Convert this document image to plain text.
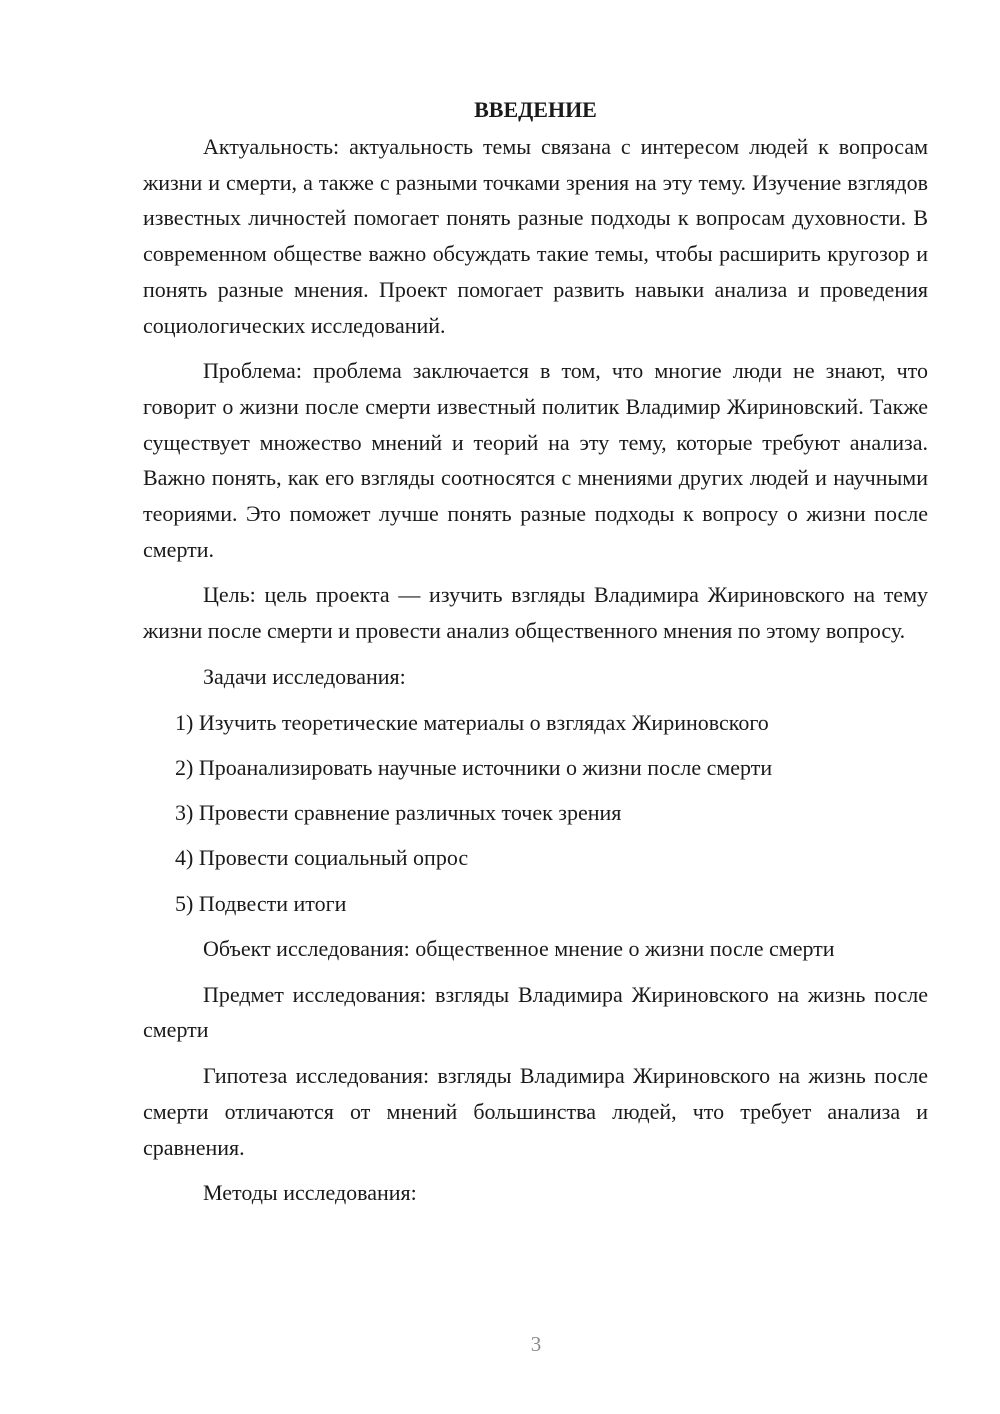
ВВЕДЕНИЕ

Актуальность: актуальность темы связана с интересом людей к вопросам жизни и смерти, а также с разными точками зрения на эту тему. Изучение взглядов известных личностей помогает понять разные подходы к вопросам духовности. В современном обществе важно обсуждать такие темы, чтобы расширить кругозор и понять разные мнения. Проект помогает развить навыки анализа и проведения социологических исследований.

Проблема: проблема заключается в том, что многие люди не знают, что говорит о жизни после смерти известный политик Владимир Жириновский. Также существует множество мнений и теорий на эту тему, которые требуют анализа. Важно понять, как его взгляды соотносятся с мнениями других людей и научными теориями. Это поможет лучше понять разные подходы к вопросу о жизни после смерти.

Цель: цель проекта — изучить взгляды Владимира Жириновского на тему жизни после смерти и провести анализ общественного мнения по этому вопросу.

Задачи исследования:

1) Изучить теоретические материалы о взглядах Жириновского
2) Проанализировать научные источники о жизни после смерти
3) Провести сравнение различных точек зрения
4) Провести социальный опрос
5) Подвести итоги

Объект исследования: общественное мнение о жизни после смерти

Предмет исследования: взгляды Владимира Жириновского на жизнь после смерти

Гипотеза исследования: взгляды Владимира Жириновского на жизнь после смерти отличаются от мнений большинства людей, что требует анализа и сравнения.

Методы исследования:

3
